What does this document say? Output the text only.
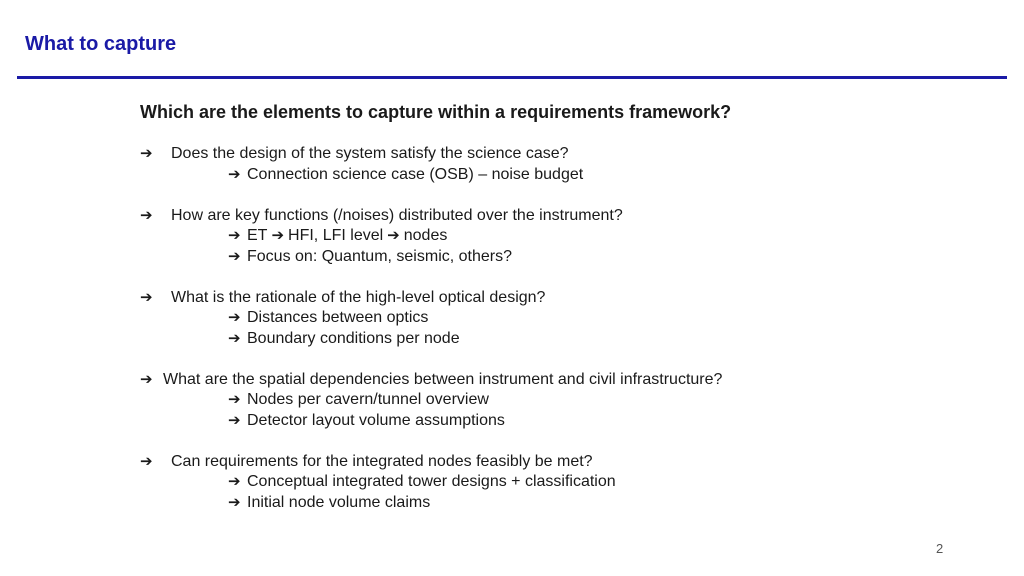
What to capture

Which are the elements to capture within a requirements framework?

➔	Does the design of the system satisfy the science case?
➔ Connection science case (OSB) – noise budget
➔	How are key functions (/noises) distributed over the instrument?
➔ ET ➔ HFI, LFI level ➔ nodes
➔ Focus on: Quantum, seismic, others?
➔	What is the rationale of the high-level optical design?
➔ Distances between optics
➔ Boundary conditions per node
➔ What are the spatial dependencies between instrument and civil infrastructure?
➔ Nodes per cavern/tunnel overview
➔ Detector layout volume assumptions
➔	Can requirements for the integrated nodes feasibly be met?
➔ Conceptual integrated tower designs + classification
➔ Initial node volume claims
2
